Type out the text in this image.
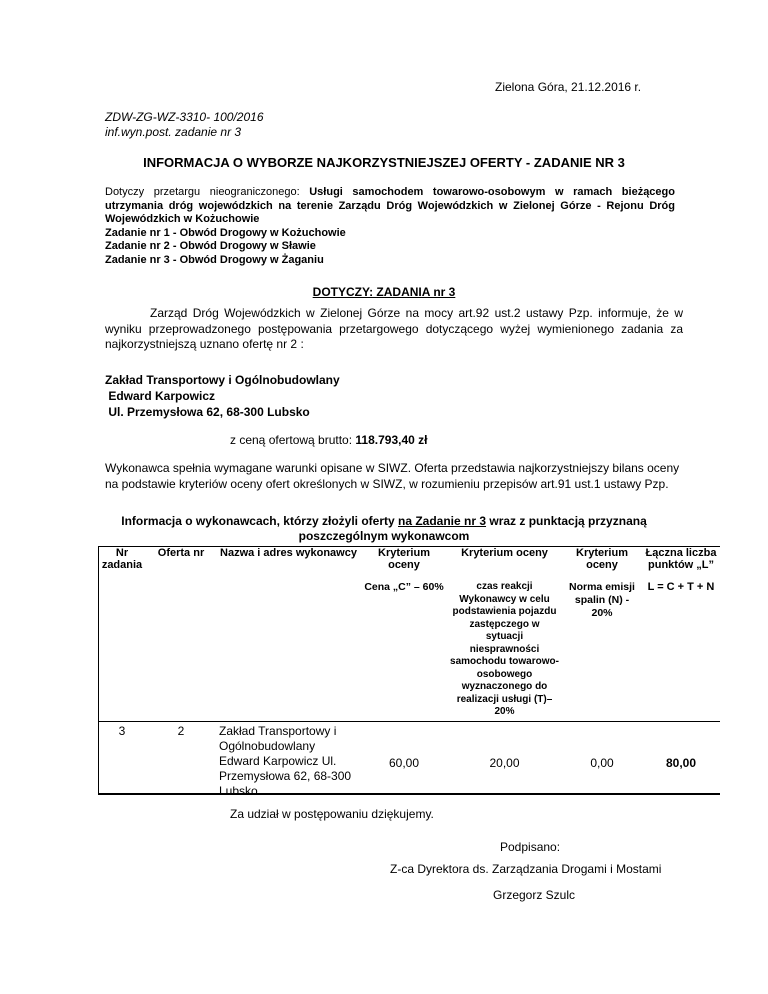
Zielona Góra, 21.12.2016 r.
ZDW-ZG-WZ-3310- 100/2016
inf.wyn.post. zadanie nr 3
INFORMACJA O WYBORZE NAJKORZYSTNIEJSZEJ OFERTY - ZADANIE NR 3
Dotyczy przetargu nieograniczonego: Usługi samochodem towarowo-osobowym w ramach bieżącego utrzymania dróg wojewódzkich na terenie Zarządu Dróg Wojewódzkich w Zielonej Górze - Rejonu Dróg Wojewódzkich w Kożuchowie
Zadanie nr 1 - Obwód Drogowy w Kożuchowie
Zadanie nr 2 - Obwód Drogowy w Sławie
Zadanie nr 3 - Obwód Drogowy w Żaganiu
DOTYCZY: ZADANIA nr 3
Zarząd Dróg Wojewódzkich w Zielonej Górze na mocy art.92 ust.2 ustawy Pzp. informuje, że w wyniku przeprowadzonego postępowania przetargowego dotyczącego wyżej wymienionego zadania za najkorzystniejszą uznano ofertę nr 2 :
Zakład Transportowy i Ogólnobudowlany
Edward Karpowicz
Ul. Przemysłowa 62, 68-300 Lubsko
z ceną ofertową brutto: 118.793,40 zł
Wykonawca spełnia wymagane warunki opisane w SIWZ. Oferta przedstawia najkorzystniejszy bilans oceny na podstawie kryteriów oceny ofert określonych w SIWZ, w rozumieniu przepisów art.91 ust.1 ustawy Pzp.
Informacja o wykonawcach, którzy złożyli oferty na Zadanie nr 3 wraz z punktacją przyznaną
poszczególnym wykonawcom
Nr zadania	Oferta nr	Nazwa i adres wykonawcy	Kryterium oceny	Kryterium oceny	Kryterium oceny	Łączna liczba punktów „L”
			Cena „C” – 60%	czas reakcji Wykonawcy w celu podstawienia pojazdu zastępczego w sytuacji niesprawności samochodu towarowo-osobowego wyznaczonego do realizacji usługi (T)– 20%	Norma emisji spalin (N) - 20%	L = C + T + N
3	2	Zakład Transportowy i Ogólnobudowlany Edward Karpowicz Ul. Przemysłowa 62, 68-300 Lubsko	60,00	20,00	0,00	80,00
Za udział w postępowaniu dziękujemy.
Podpisano:
Z-ca Dyrektora ds. Zarządzania Drogami i Mostami
Grzegorz Szulc
